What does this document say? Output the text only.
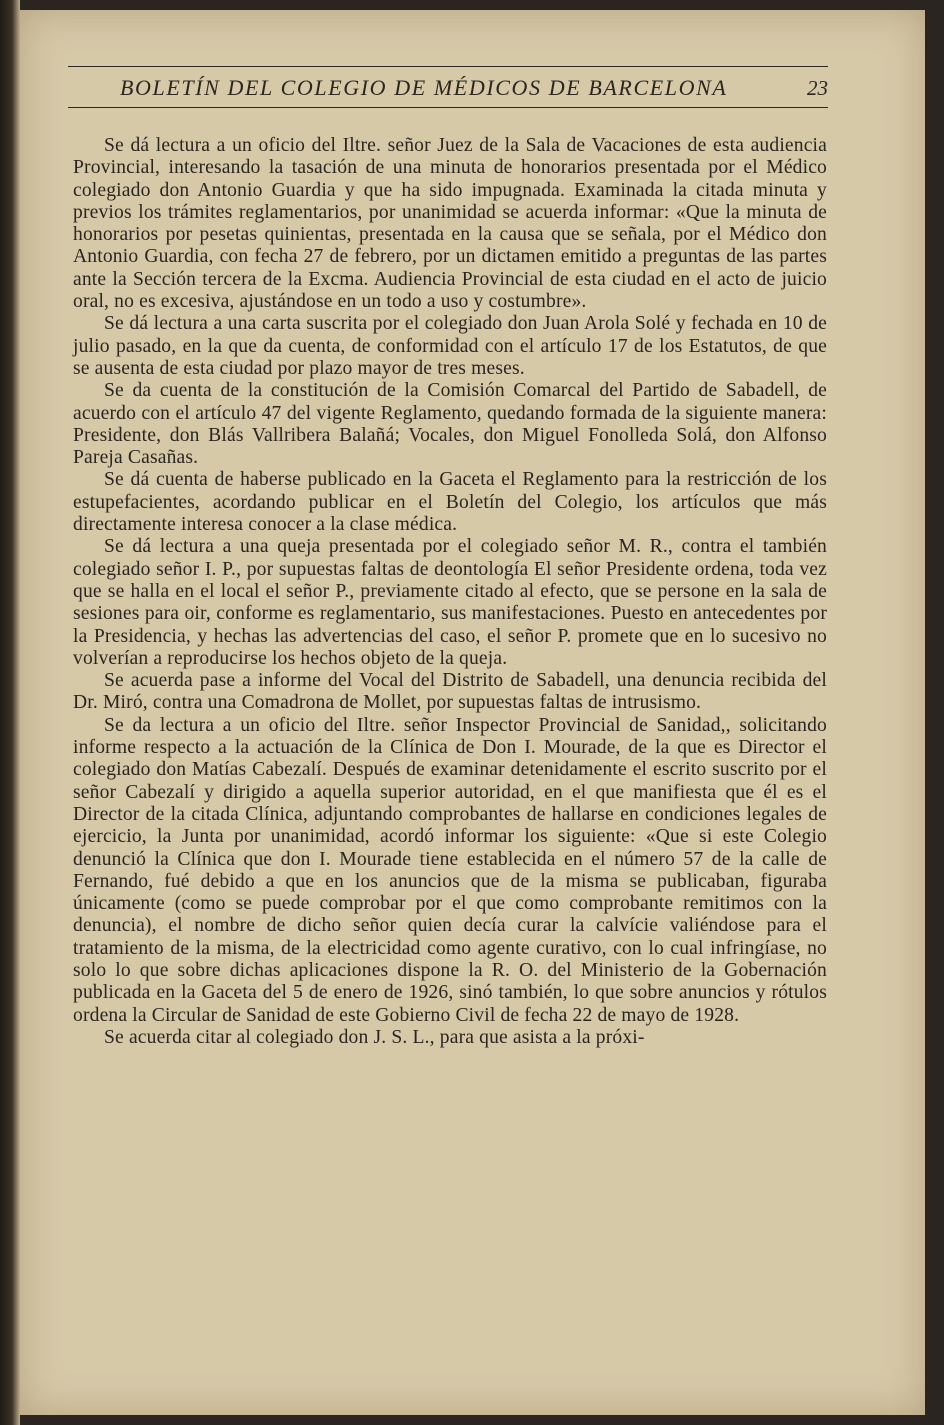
BOLETÍN DEL COLEGIO DE MÉDICOS DE BARCELONA	23

Se dá lectura a un oficio del Iltre. señor Juez de la Sala de Vacaciones de esta audiencia Provincial, interesando la tasación de una minuta de honorarios presentada por el Médico colegiado don Antonio Guardia y que ha sido impugnada. Examinada la citada minuta y previos los trámites reglamentarios, por unanimidad se acuerda informar: «Que la minuta de honorarios por pesetas quinientas, presentada en la causa que se señala, por el Médico don Antonio Guardia, con fecha 27 de febrero, por un dictamen emitido a preguntas de las partes ante la Sección tercera de la Excma. Audiencia Provincial de esta ciudad en el acto de juicio oral, no es excesiva, ajustándose en un todo a uso y costumbre».

Se dá lectura a una carta suscrita por el colegiado don Juan Arola Solé y fechada en 10 de julio pasado, en la que da cuenta, de conformidad con el artículo 17 de los Estatutos, de que se ausenta de esta ciudad por plazo mayor de tres meses.

Se da cuenta de la constitución de la Comisión Comarcal del Partido de Sabadell, de acuerdo con el artículo 47 del vigente Reglamento, quedando formada de la siguiente manera: Presidente, don Blás Vallribera Balañá; Vocales, don Miguel Fonolleda Solá, don Alfonso Pareja Casañas.

Se dá cuenta de haberse publicado en la Gaceta el Reglamento para la restricción de los estupefacientes, acordando publicar en el Boletín del Colegio, los artículos que más directamente interesa conocer a la clase médica.

Se dá lectura a una queja presentada por el colegiado señor M. R., contra el también colegiado señor I. P., por supuestas faltas de deontología El señor Presidente ordena, toda vez que se halla en el local el señor P., previamente citado al efecto, que se persone en la sala de sesiones para oir, conforme es reglamentario, sus manifestaciones. Puesto en antecedentes por la Presidencia, y hechas las advertencias del caso, el señor P. promete que en lo sucesivo no volverían a reproducirse los hechos objeto de la queja.

Se acuerda pase a informe del Vocal del Distrito de Sabadell, una denuncia recibida del Dr. Miró, contra una Comadrona de Mollet, por supuestas faltas de intrusismo.

Se da lectura a un oficio del Iltre. señor Inspector Provincial de Sanidad,, solicitando informe respecto a la actuación de la Clínica de Don I. Mourade, de la que es Director el colegiado don Matías Cabezalí. Después de examinar detenidamente el escrito suscrito por el señor Cabezalí y dirigido a aquella superior autoridad, en el que manifiesta que él es el Director de la citada Clínica, adjuntando comprobantes de hallarse en condiciones legales de ejercicio, la Junta por unanimidad, acordó informar los siguiente: «Que si este Colegio denunció la Clínica que don I. Mourade tiene establecida en el número 57 de la calle de Fernando, fué debido a que en los anuncios que de la misma se publicaban, figuraba únicamente (como se puede comprobar por el que como comprobante remitimos con la denuncia), el nombre de dicho señor quien decía curar la calvície valiéndose para el tratamiento de la misma, de la electricidad como agente curativo, con lo cual infringíase, no solo lo que sobre dichas aplicaciones dispone la R. O. del Ministerio de la Gobernación publicada en la Gaceta del 5 de enero de 1926, sinó también, lo que sobre anuncios y rótulos ordena la Circular de Sanidad de este Gobierno Civil de fecha 22 de mayo de 1928.

Se acuerda citar al colegiado don J. S. L., para que asista a la próxi-
